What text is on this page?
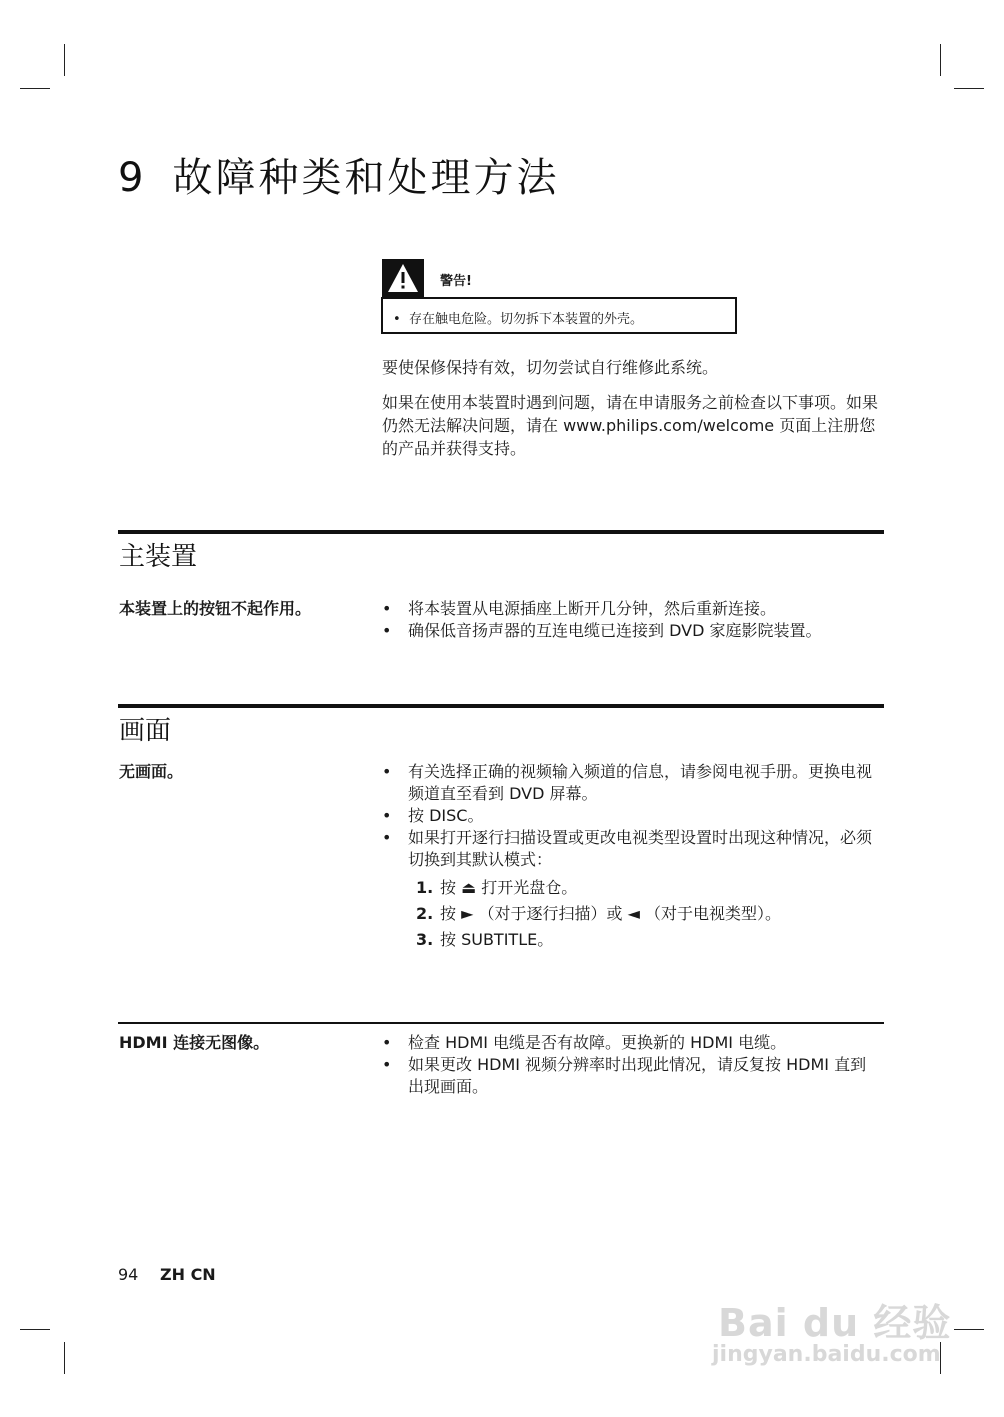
9 故障种类和处理方法
警告!
• 存在触电危险。切勿拆下本装置的外壳。
要使保修保持有效，切勿尝试自行维修此系统。
如果在使用本装置时遇到问题，请在申请服务之前检查以下事项。如果仍然无法解决问题，请在 www.philips.com/welcome 页面上注册您的产品并获得支持。
主装置
本装置上的按钮不起作用。	• 将本装置从电源插座上断开几分钟，然后重新连接。
• 确保低音扬声器的互连电缆已连接到 DVD 家庭影院装置。
画面
无画面。	• 有关选择正确的视频输入频道的信息，请参阅电视手册。更换电视频道直至看到 DVD 屏幕。
• 按 DISC。
• 如果打开逐行扫描设置或更改电视类型设置时出现这种情况，必须切换到其默认模式：
1. 按 ⏏ 打开光盘仓。
2. 按 ► （对于逐行扫描）或 ◄ （对于电视类型）。
3. 按 SUBTITLE。
HDMI 连接无图像。	• 检查 HDMI 电缆是否有故障。更换新的 HDMI 电缆。
• 如果更改 HDMI 视频分辨率时出现此情况，请反复按 HDMI 直到出现画面。
94 ZH CN
Bai du 经验
jingyan.baidu.com
